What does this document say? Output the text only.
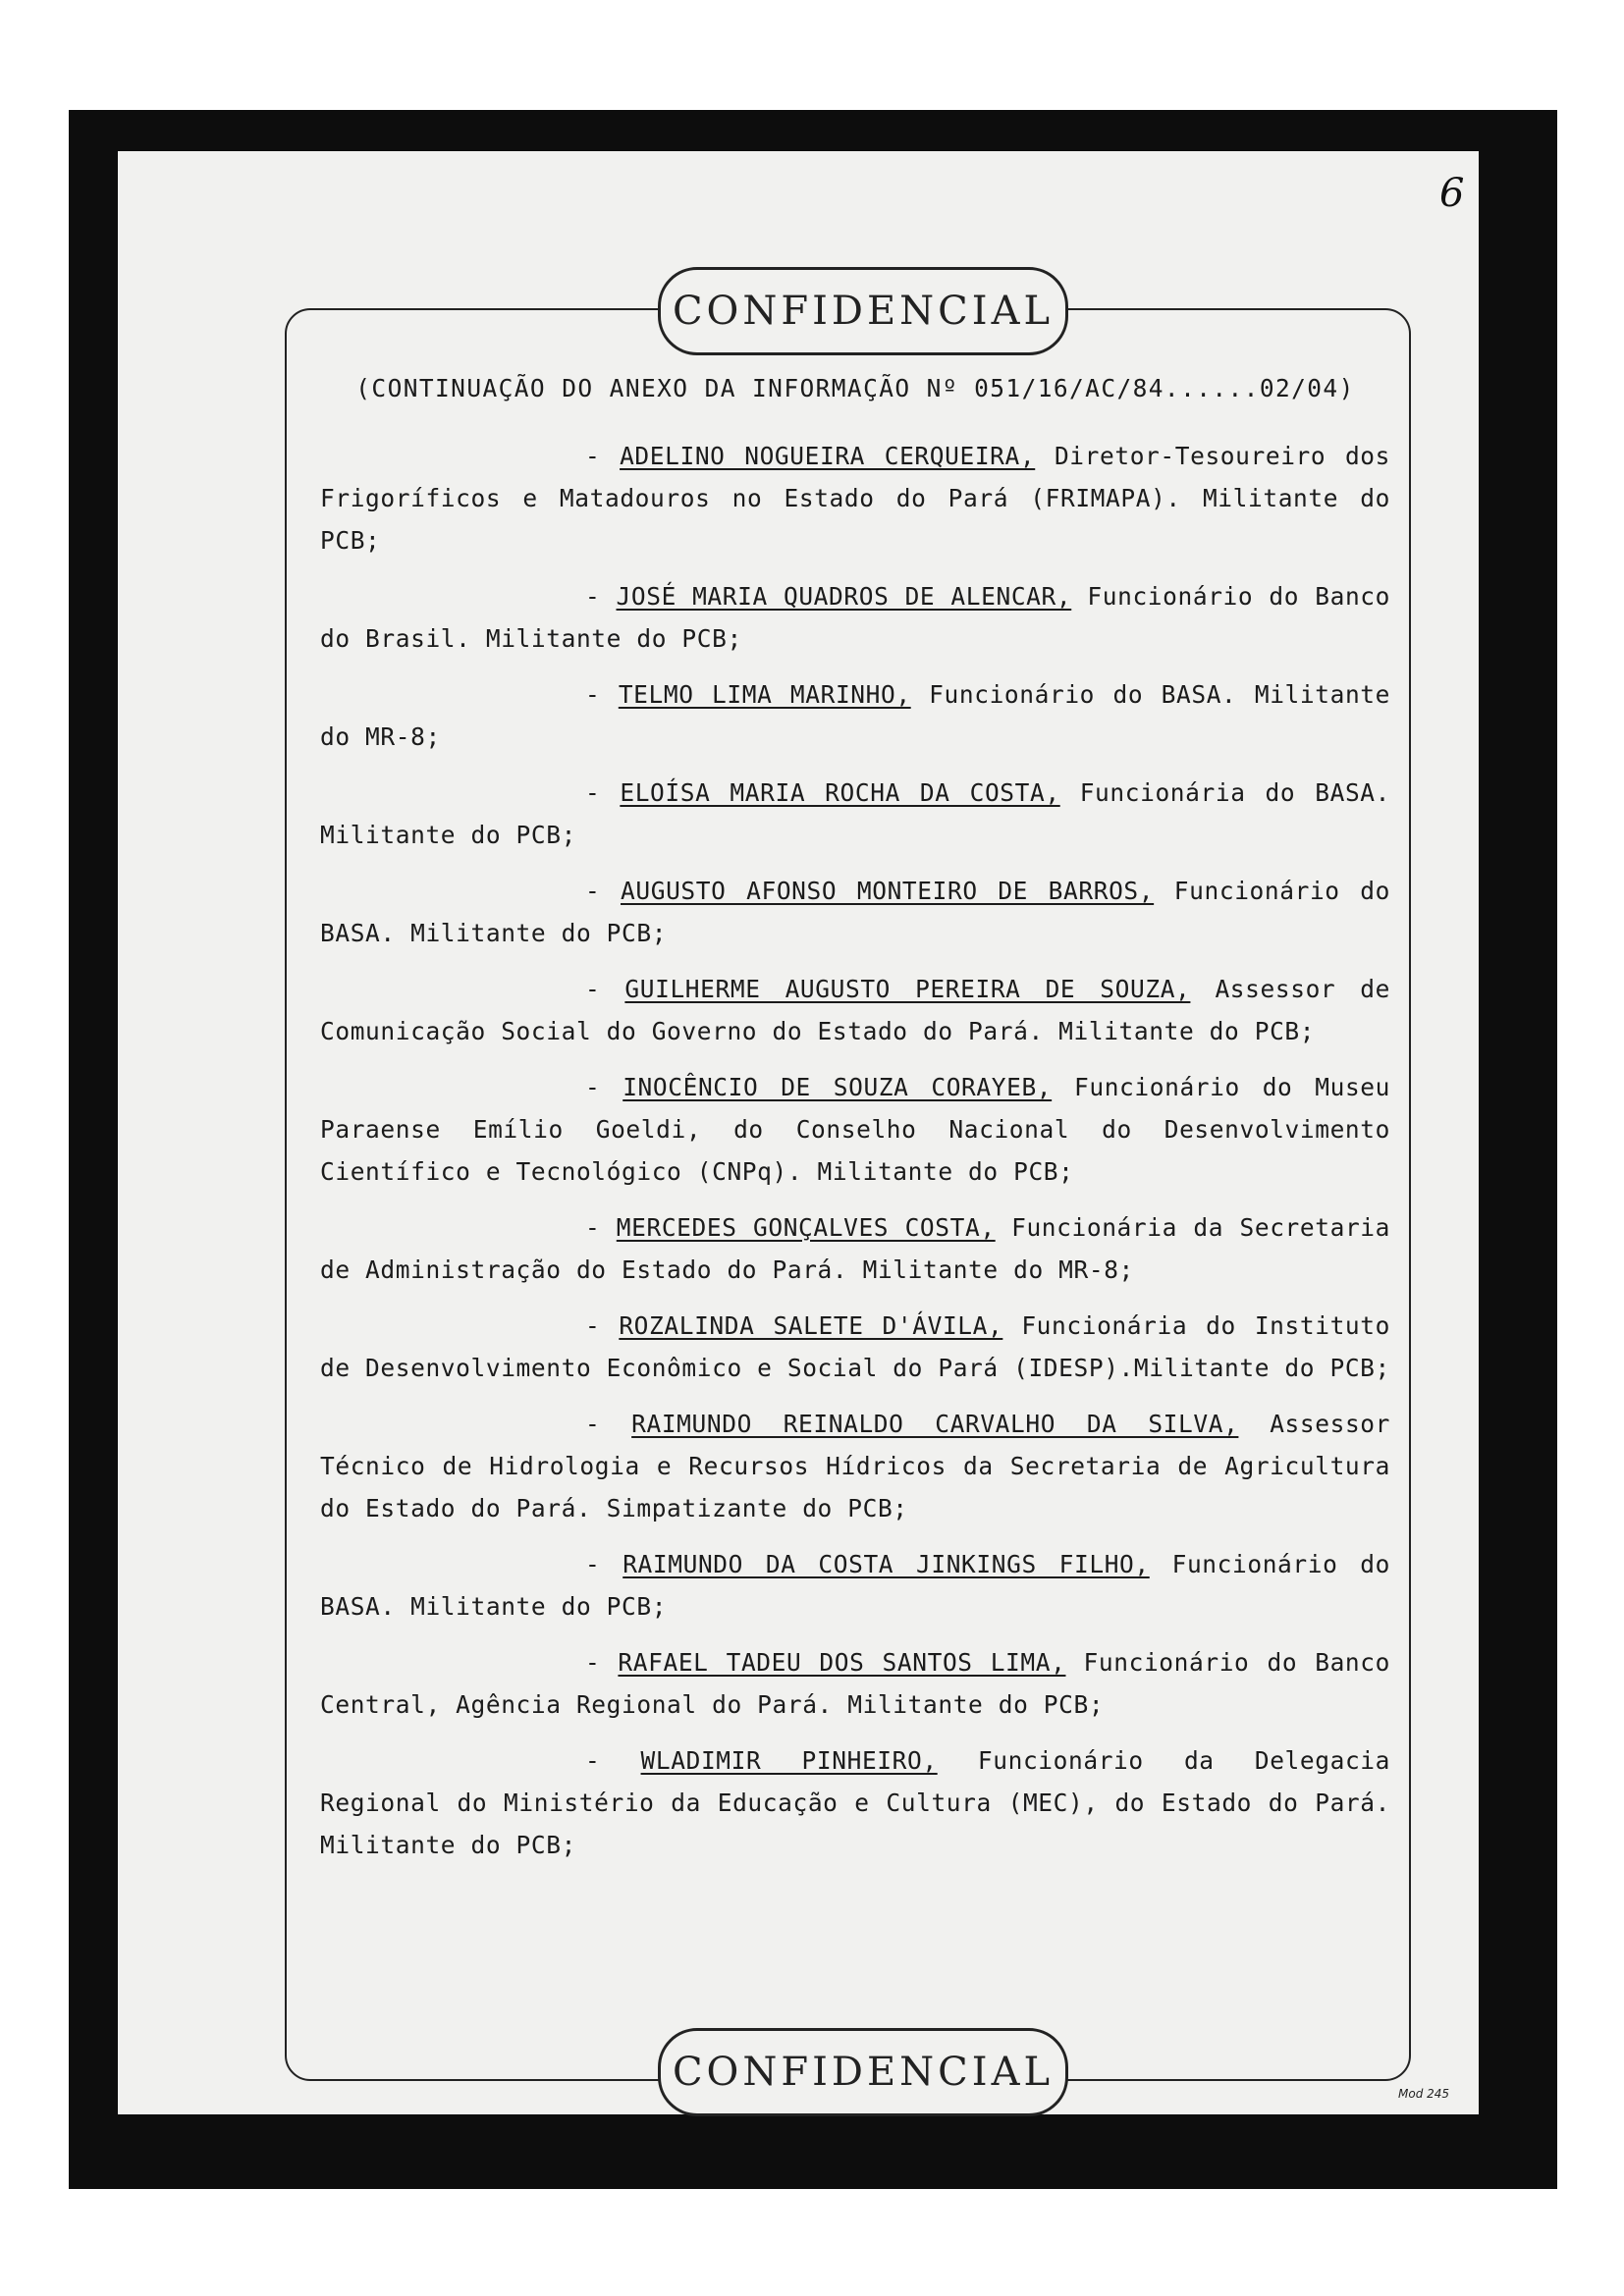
6
CONFIDENCIAL
(CONTINUAÇÃO DO ANEXO DA INFORMAÇÃO Nº 051/16/AC/84......02/04)
- ADELINO NOGUEIRA CERQUEIRA, Diretor-Tesoureiro dos Frigoríficos e Matadouros no Estado do Pará (FRIMAPA). Militante do PCB;
- JOSÉ MARIA QUADROS DE ALENCAR, Funcionário do Banco do Brasil. Militante do PCB;
- TELMO LIMA MARINHO, Funcionário do BASA. Militante do MR-8;
- ELOÍSA MARIA ROCHA DA COSTA, Funcionária do BASA. Militante do PCB;
- AUGUSTO AFONSO MONTEIRO DE BARROS, Funcionário do BASA. Militante do PCB;
- GUILHERME AUGUSTO PEREIRA DE SOUZA, Assessor de Comunicação Social do Governo do Estado do Pará. Militante do PCB;
- INOCÊNCIO DE SOUZA CORAYEB, Funcionário do Museu Paraense Emílio Goeldi, do Conselho Nacional do Desenvolvimento Científico e Tecnológico (CNPq). Militante do PCB;
- MERCEDES GONÇALVES COSTA, Funcionária da Secretaria de Administração do Estado do Pará. Militante do MR-8;
- ROZALINDA SALETE D'ÁVILA, Funcionária do Instituto de Desenvolvimento Econômico e Social do Pará (IDESP).Militante do PCB;
- RAIMUNDO REINALDO CARVALHO DA SILVA, Assessor Técnico de Hidrologia e Recursos Hídricos da Secretaria de Agricultura do Estado do Pará. Simpatizante do PCB;
- RAIMUNDO DA COSTA JINKINGS FILHO, Funcionário do BASA. Militante do PCB;
- RAFAEL TADEU DOS SANTOS LIMA, Funcionário do Banco Central, Agência Regional do Pará. Militante do PCB;
- WLADIMIR PINHEIRO, Funcionário da Delegacia Regional do Ministério da Educação e Cultura (MEC), do Estado do Pará. Militante do PCB;
CONFIDENCIAL	Mod 245
